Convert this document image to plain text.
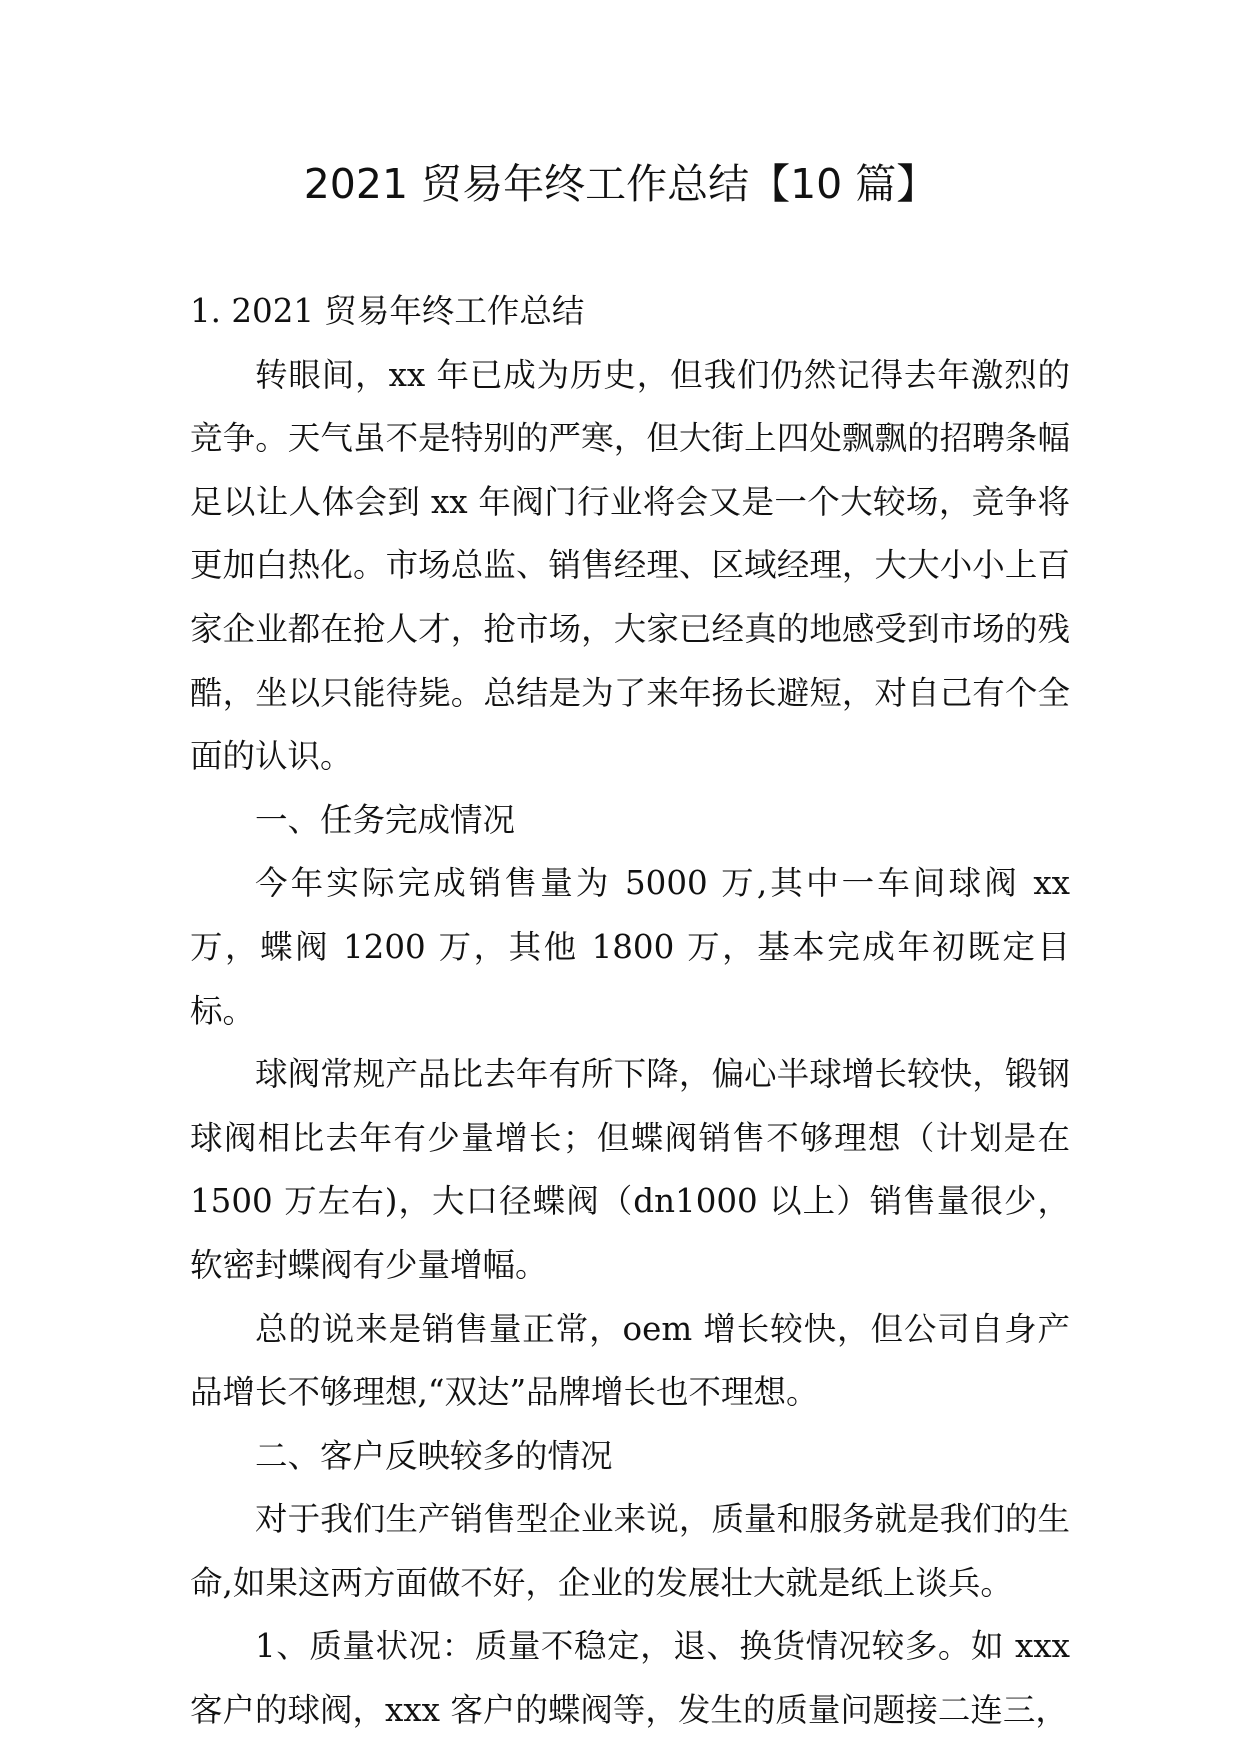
2021 贸易年终工作总结【10 篇】

1. 2021 贸易年终工作总结

转眼间，xx 年已成为历史，但我们仍然记得去年激烈的竞争。天气虽不是特别的严寒，但大街上四处飘飘的招聘条幅足以让人体会到 xx 年阀门行业将会又是一个大较场，竞争将更加白热化。市场总监、销售经理、区域经理，大大小小上百家企业都在抢人才，抢市场，大家已经真的地感受到市场的残酷，坐以只能待毙。总结是为了来年扬长避短，对自己有个全面的认识。

一、任务完成情况

今年实际完成销售量为 5000 万,其中一车间球阀 xx 万，蝶阀 1200 万，其他 1800 万，基本完成年初既定目标。

球阀常规产品比去年有所下降，偏心半球增长较快，锻钢球阀相比去年有少量增长；但蝶阀销售不够理想（计划是在 1500 万左右)，大口径蝶阀（dn1000 以上）销售量很少，软密封蝶阀有少量增幅。

总的说来是销售量正常，oem 增长较快，但公司自身产品增长不够理想,“双达”品牌增长也不理想。

二、客户反映较多的情况

对于我们生产销售型企业来说，质量和服务就是我们的生命,如果这两方面做不好，企业的发展壮大就是纸上谈兵。

1、质量状况：质量不稳定，退、换货情况较多。如 xxx 客户的球阀，xxx 客户的蝶阀等，发生的质量问题接二连三，
